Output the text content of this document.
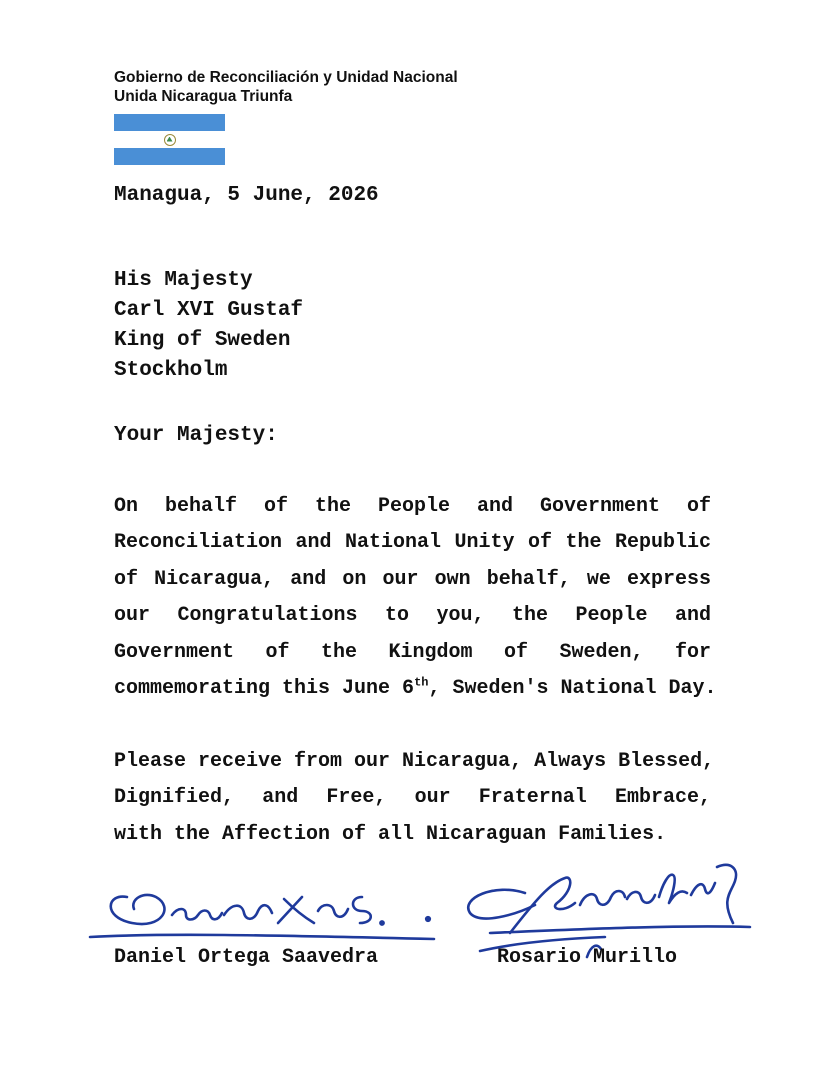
Gobierno de Reconciliación y Unidad Nacional
Unida Nicaragua Triunfa
Managua, 5 June, 2026
His Majesty
Carl XVI Gustaf
King of Sweden
Stockholm
Your Majesty:
On behalf of the People and Government of
Reconciliation and National Unity of the Republic
of Nicaragua, and on our own behalf, we express
our Congratulations to you, the People and
Government of the Kingdom of Sweden, for
commemorating this June 6th, Sweden's National Day.
Please receive from our Nicaragua, Always Blessed,
Dignified, and Free, our Fraternal Embrace,
with the Affection of all Nicaraguan Families.
Daniel Ortega Saavedra	Rosario Murillo
